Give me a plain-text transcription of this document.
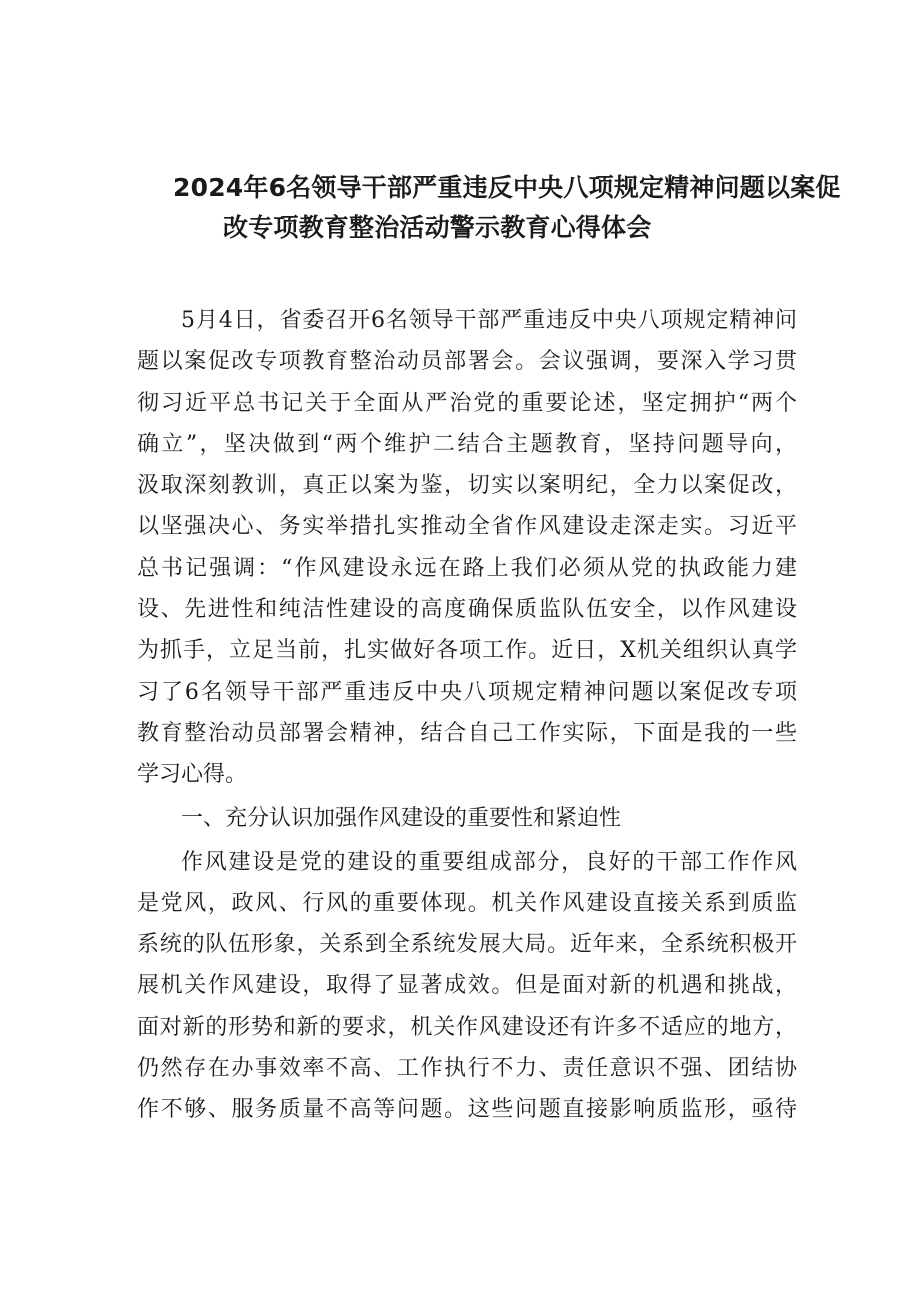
2024年6名领导干部严重违反中央八项规定精神问题以案促
改专项教育整治活动警示教育心得体会
5月4日，省委召开6名领导干部严重违反中央八项规定精神问
题以案促改专项教育整治动员部署会。会议强调，要深入学习贯
彻习近平总书记关于全面从严治党的重要论述，坚定拥护“两个
确立”，坚决做到“两个维护二结合主题教育，坚持问题导向，
汲取深刻教训，真正以案为鉴，切实以案明纪，全力以案促改，
以坚强决心、务实举措扎实推动全省作风建设走深走实。习近平
总书记强调：“作风建设永远在路上我们必须从党的执政能力建
设、先进性和纯洁性建设的高度确保质监队伍安全，以作风建设
为抓手，立足当前，扎实做好各项工作。近日，X机关组织认真学
习了6名领导干部严重违反中央八项规定精神问题以案促改专项
教育整治动员部署会精神，结合自己工作实际，下面是我的一些
学习心得。
一、充分认识加强作风建设的重要性和紧迫性
作风建设是党的建设的重要组成部分，良好的干部工作作风
是党风，政风、行风的重要体现。机关作风建设直接关系到质监
系统的队伍形象，关系到全系统发展大局。近年来，全系统积极开
展机关作风建设，取得了显著成效。但是面对新的机遇和挑战，
面对新的形势和新的要求，机关作风建设还有许多不适应的地方，
仍然存在办事效率不高、工作执行不力、责任意识不强、团结协
作不够、服务质量不高等问题。这些问题直接影响质监形，亟待
